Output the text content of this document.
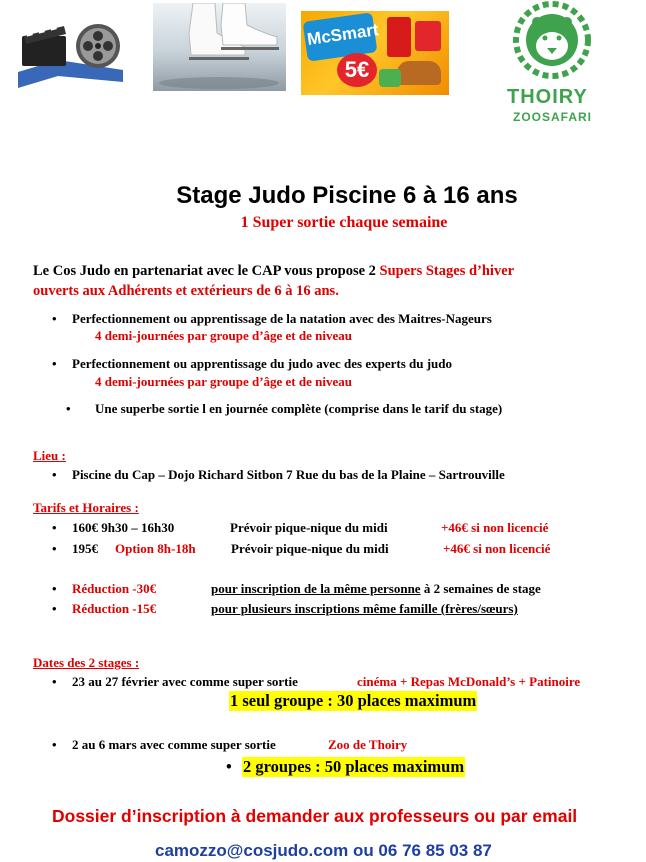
McSmart
5€
THOIRY
ZOOSAFARI
Stage Judo Piscine 6 à 16 ans
1 Super sortie chaque semaine
Le Cos Judo en partenariat avec le CAP vous propose 2 Supers Stages d’hiver
ouverts aux Adhérents et extérieurs de 6 à 16 ans.
• Perfectionnement ou apprentissage de la natation avec des Maitres-Nageurs
4 demi-journées par groupe d’âge et de niveau
• Perfectionnement ou apprentissage du judo avec des experts du judo
4 demi-journées par groupe d’âge et de niveau
• Une superbe sortie l en journée complète (comprise dans le tarif du stage)
Lieu :
• Piscine du Cap – Dojo Richard Sitbon 7 Rue du bas de la Plaine – Sartrouville
Tarifs et Horaires :
• 160€ 9h30 – 16h30	Prévoir pique-nique du midi	+46€ si non licencié
• 195€ Option 8h-18h	Prévoir pique-nique du midi	+46€ si non licencié
• Réduction -30€	pour inscription de la même personne à 2 semaines de stage
• Réduction -15€	pour plusieurs inscriptions même famille (frères/sœurs)
Dates des 2 stages :
• 23 au 27 février avec comme super sortie	cinéma + Repas McDonald’s + Patinoire
1 seul groupe : 30 places maximum
• 2 au 6 mars avec comme super sortie	Zoo de Thoiry
• 2 groupes : 50 places maximum
Dossier d’inscription à demander aux professeurs ou par email
camozzo@cosjudo.com ou 06 76 85 03 87
